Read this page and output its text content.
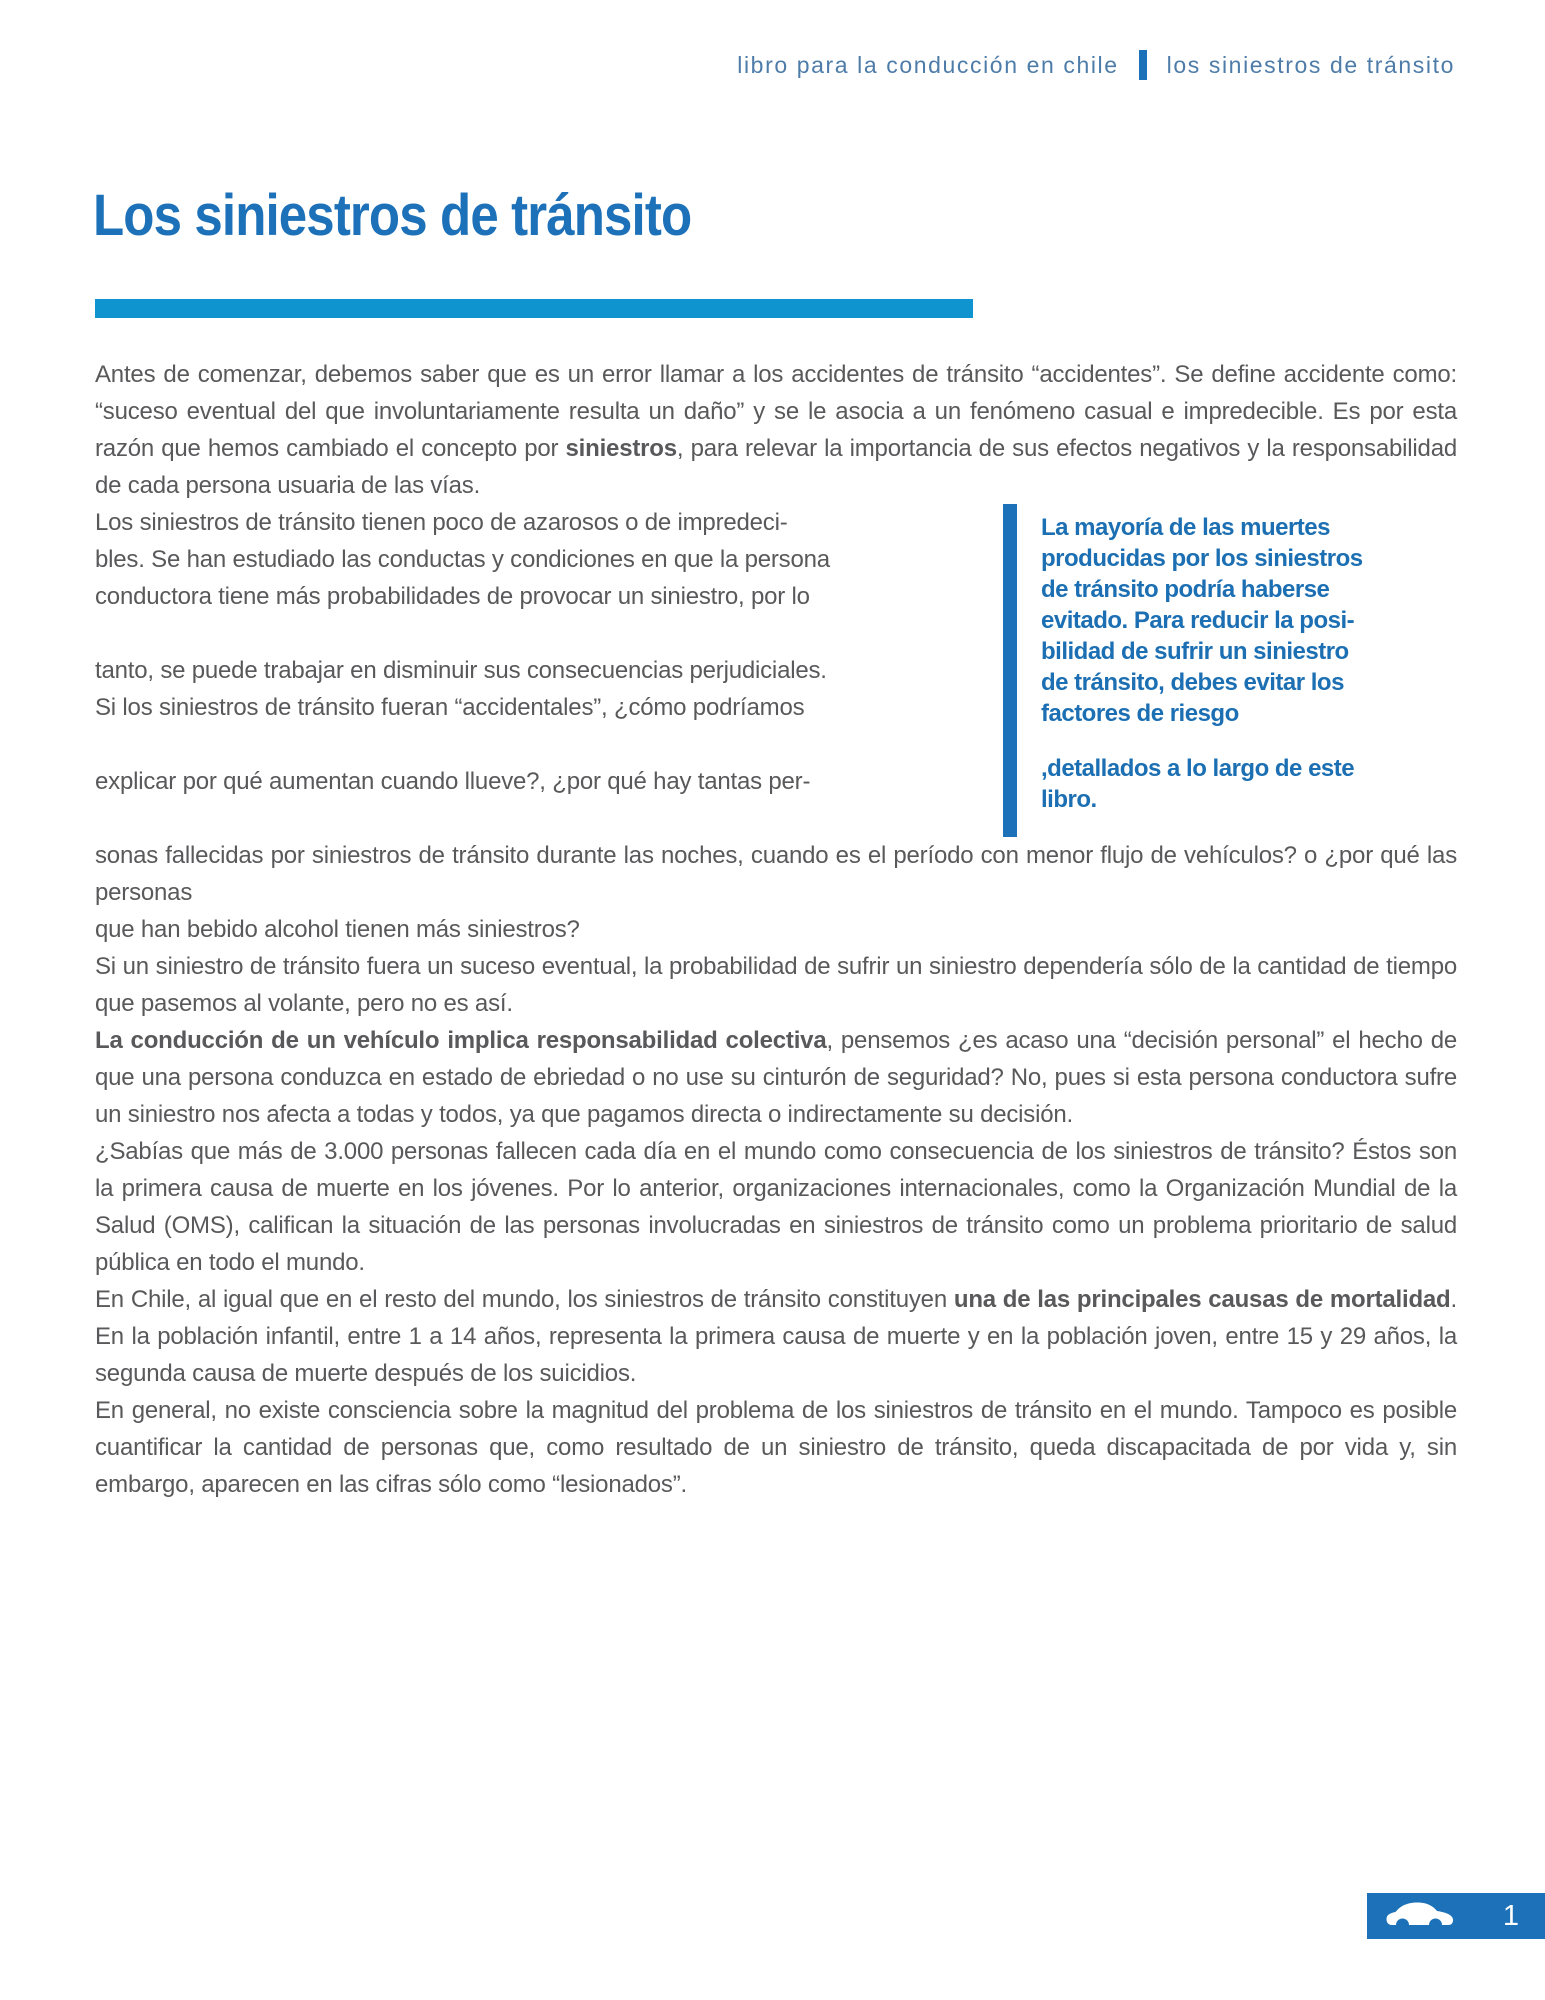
libro para la conducción en chile los siniestros de tránsito
Los siniestros de tránsito

Antes de comenzar, debemos saber que es un error llamar a los accidentes de tránsito “accidentes”. Se define accidente como: “suceso eventual del que involuntariamente resulta un daño” y se le asocia a un fenómeno casual e impredecible. Es por esta razón que hemos cambiado el concepto por siniestros, para relevar la importancia de sus efectos negativos y la responsabilidad de cada persona usuaria de las vías.

Los siniestros de tránsito tienen poco de azarosos o de impredeci-
bles. Se han estudiado las conductas y condiciones en que la persona
conductora tiene más probabilidades de provocar un siniestro, por lo
tanto, se puede trabajar en disminuir sus consecuencias perjudiciales.
Si los siniestros de tránsito fueran “accidentales”, ¿cómo podríamos
explicar por qué aumentan cuando llueve?, ¿por qué hay tantas per-
La mayoría de las muertes
producidas por los siniestros
de tránsito podría haberse
evitado. Para reducir la posi-
bilidad de sufrir un siniestro
de tránsito, debes evitar los
factores de riesgo
,detallados a lo largo de este
libro.

sonas fallecidas por siniestros de tránsito durante las noches, cuando es el período con menor flujo de vehículos? o ¿por qué las personas

que han bebido alcohol tienen más siniestros?

Si un siniestro de tránsito fuera un suceso eventual, la probabilidad de sufrir un siniestro dependería sólo de la cantidad de tiempo que pasemos al volante, pero no es así.

La conducción de un vehículo implica responsabilidad colectiva, pensemos ¿es acaso una “decisión personal” el hecho de que una persona conduzca en estado de ebriedad o no use su cinturón de seguridad? No, pues si esta persona conductora sufre un siniestro nos afecta a todas y todos, ya que pagamos directa o indirectamente su decisión.

¿Sabías que más de 3.000 personas fallecen cada día en el mundo como consecuencia de los siniestros de tránsito? Éstos son la primera causa de muerte en los jóvenes. Por lo anterior, organizaciones internacionales, como la Organización Mundial de la Salud (OMS), califican la situación de las personas involucradas en siniestros de tránsito como un problema prioritario de salud pública en todo el mundo.

En Chile, al igual que en el resto del mundo, los siniestros de tránsito constituyen una de las principales causas de mortalidad. En la población infantil, entre 1 a 14 años, representa la primera causa de muerte y en la población joven, entre 15 y 29 años, la segunda causa de muerte después de los suicidios.

En general, no existe consciencia sobre la magnitud del problema de los siniestros de tránsito en el mundo. Tampoco es posible cuantificar la cantidad de personas que, como resultado de un siniestro de tránsito, queda discapacitada de por vida y, sin embargo, aparecen en las cifras sólo como “lesionados”.

1
